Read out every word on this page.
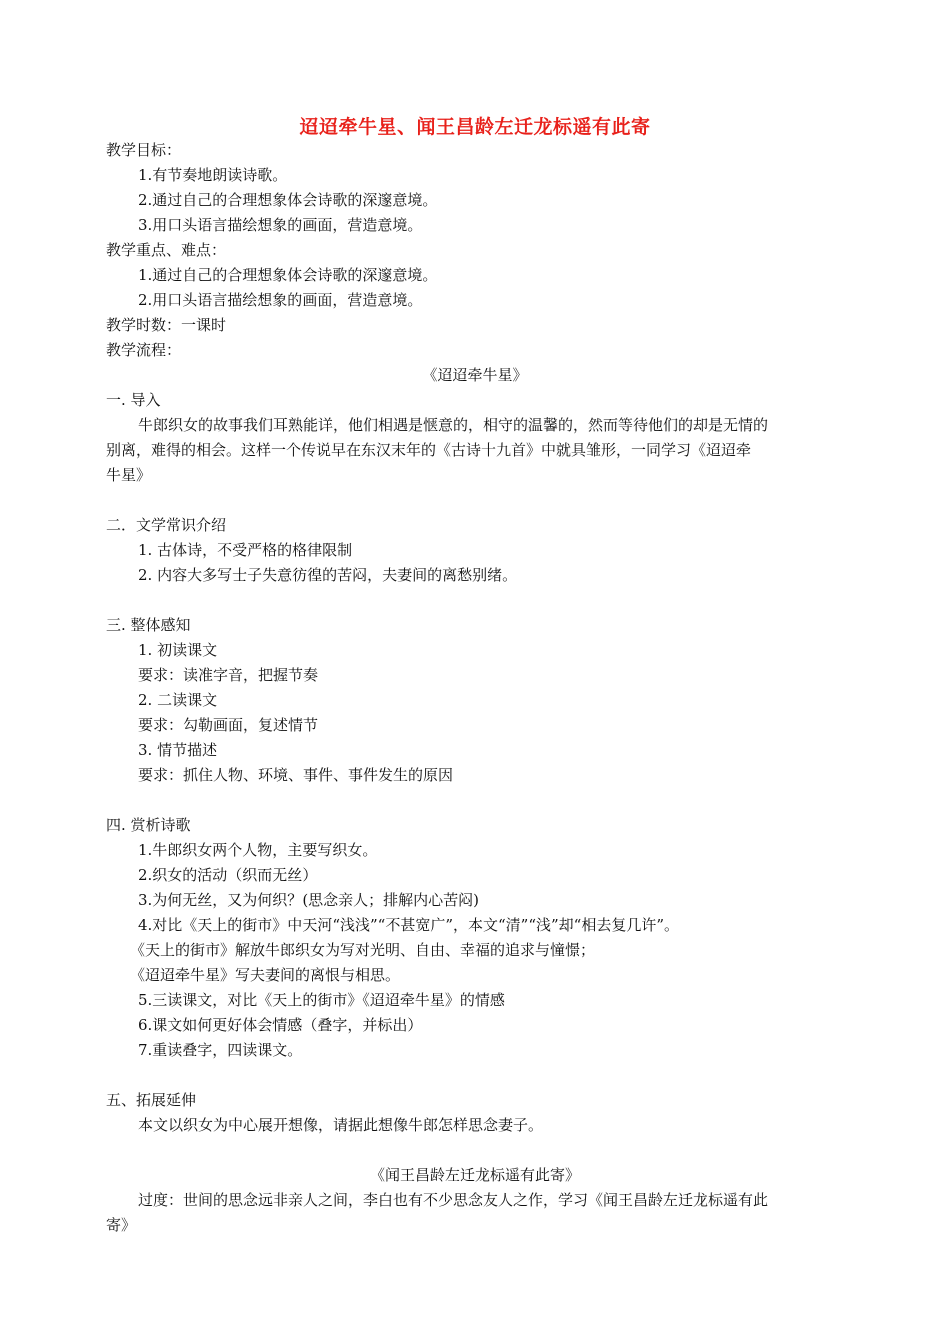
迢迢牵牛星、闻王昌龄左迁龙标遥有此寄
教学目标：
1.有节奏地朗读诗歌。
2.通过自己的合理想象体会诗歌的深邃意境。
3.用口头语言描绘想象的画面，营造意境。
教学重点、难点：
1.通过自己的合理想象体会诗歌的深邃意境。
2.用口头语言描绘想象的画面，营造意境。
教学时数：一课时
教学流程：
《迢迢牵牛星》
一. 导入
牛郎织女的故事我们耳熟能详，他们相遇是惬意的，相守的温馨的，然而等待他们的却是无情的
别离，难得的相会。这样一个传说早在东汉末年的《古诗十九首》中就具雏形，一同学习《迢迢牵
牛星》
二．文学常识介绍
1. 古体诗，不受严格的格律限制
2. 内容大多写士子失意彷徨的苦闷，夫妻间的离愁别绪。
三. 整体感知
1. 初读课文
要求：读准字音，把握节奏
2. 二读课文
要求：勾勒画面，复述情节
3. 情节描述
要求：抓住人物、环境、事件、事件发生的原因
四. 赏析诗歌
1.牛郎织女两个人物，主要写织女。
2.织女的活动（织而无丝）
3.为何无丝，又为何织？(思念亲人；排解内心苦闷)
4.对比《天上的街市》中天河“浅浅”“不甚宽广”，本文“清”“浅”却“相去复几许”。
《天上的街市》解放牛郎织女为写对光明、自由、幸福的追求与憧憬；
《迢迢牵牛星》写夫妻间的离恨与相思。
5.三读课文，对比《天上的街市》《迢迢牵牛星》的情感
6.课文如何更好体会情感（叠字，并标出）
7.重读叠字，四读课文。
五、拓展延伸
本文以织女为中心展开想像，请据此想像牛郎怎样思念妻子。
《闻王昌龄左迁龙标遥有此寄》
过度：世间的思念远非亲人之间，李白也有不少思念友人之作，学习《闻王昌龄左迁龙标遥有此
寄》
